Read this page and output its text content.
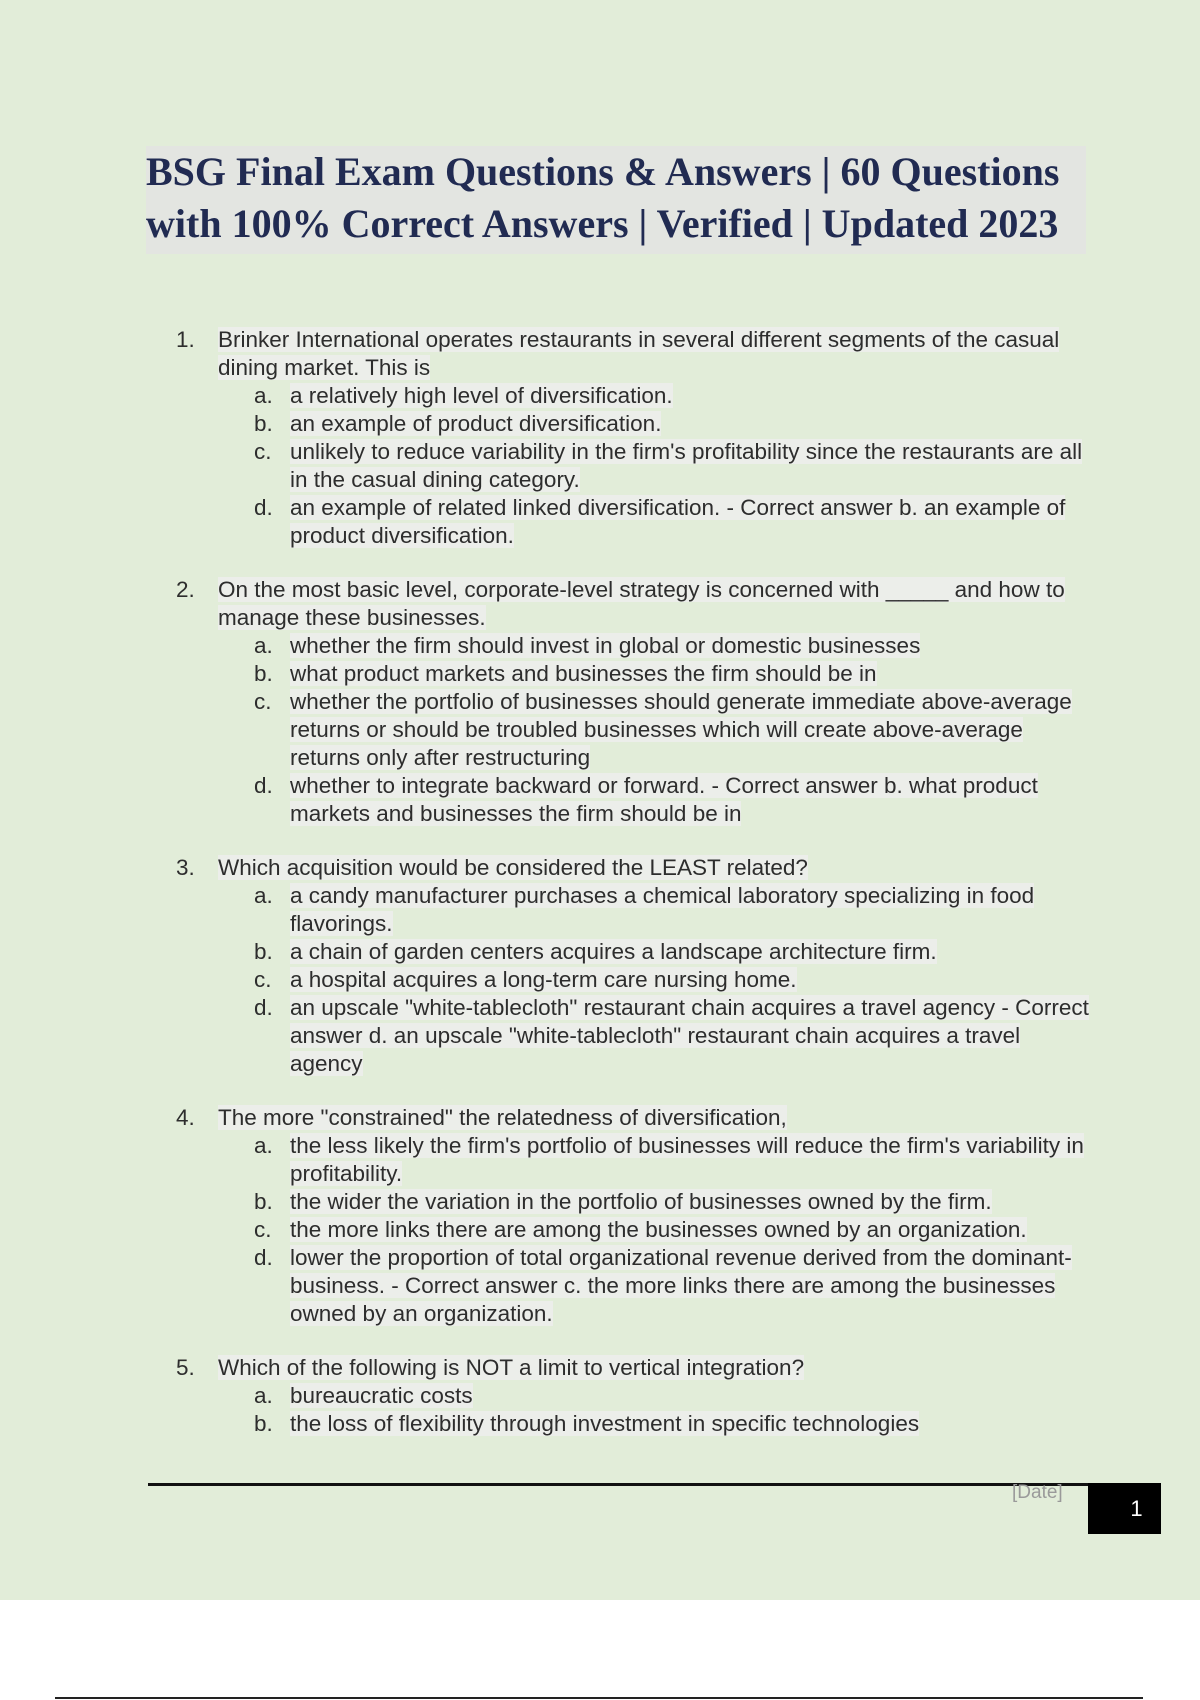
BSG Final Exam Questions & Answers | 60 Questions with 100% Correct Answers | Verified | Updated 2023
1. Brinker International operates restaurants in several different segments of the casual dining market. This is
a. a relatively high level of diversification.
b. an example of product diversification.
c. unlikely to reduce variability in the firm's profitability since the restaurants are all in the casual dining category.
d. an example of related linked diversification. - Correct answer b. an example of product diversification.
2. On the most basic level, corporate-level strategy is concerned with _____ and how to manage these businesses.
a. whether the firm should invest in global or domestic businesses
b. what product markets and businesses the firm should be in
c. whether the portfolio of businesses should generate immediate above-average returns or should be troubled businesses which will create above-average returns only after restructuring
d. whether to integrate backward or forward. - Correct answer b. what product markets and businesses the firm should be in
3. Which acquisition would be considered the LEAST related?
a. a candy manufacturer purchases a chemical laboratory specializing in food flavorings.
b. a chain of garden centers acquires a landscape architecture firm.
c. a hospital acquires a long-term care nursing home.
d. an upscale "white-tablecloth" restaurant chain acquires a travel agency - Correct answer d. an upscale "white-tablecloth" restaurant chain acquires a travel agency
4. The more "constrained" the relatedness of diversification,
a. the less likely the firm's portfolio of businesses will reduce the firm's variability in profitability.
b. the wider the variation in the portfolio of businesses owned by the firm.
c. the more links there are among the businesses owned by an organization.
d. lower the proportion of total organizational revenue derived from the dominant-business. - Correct answer c. the more links there are among the businesses owned by an organization.
5. Which of the following is NOT a limit to vertical integration?
a. bureaucratic costs
b. the loss of flexibility through investment in specific technologies
[Date]
1
